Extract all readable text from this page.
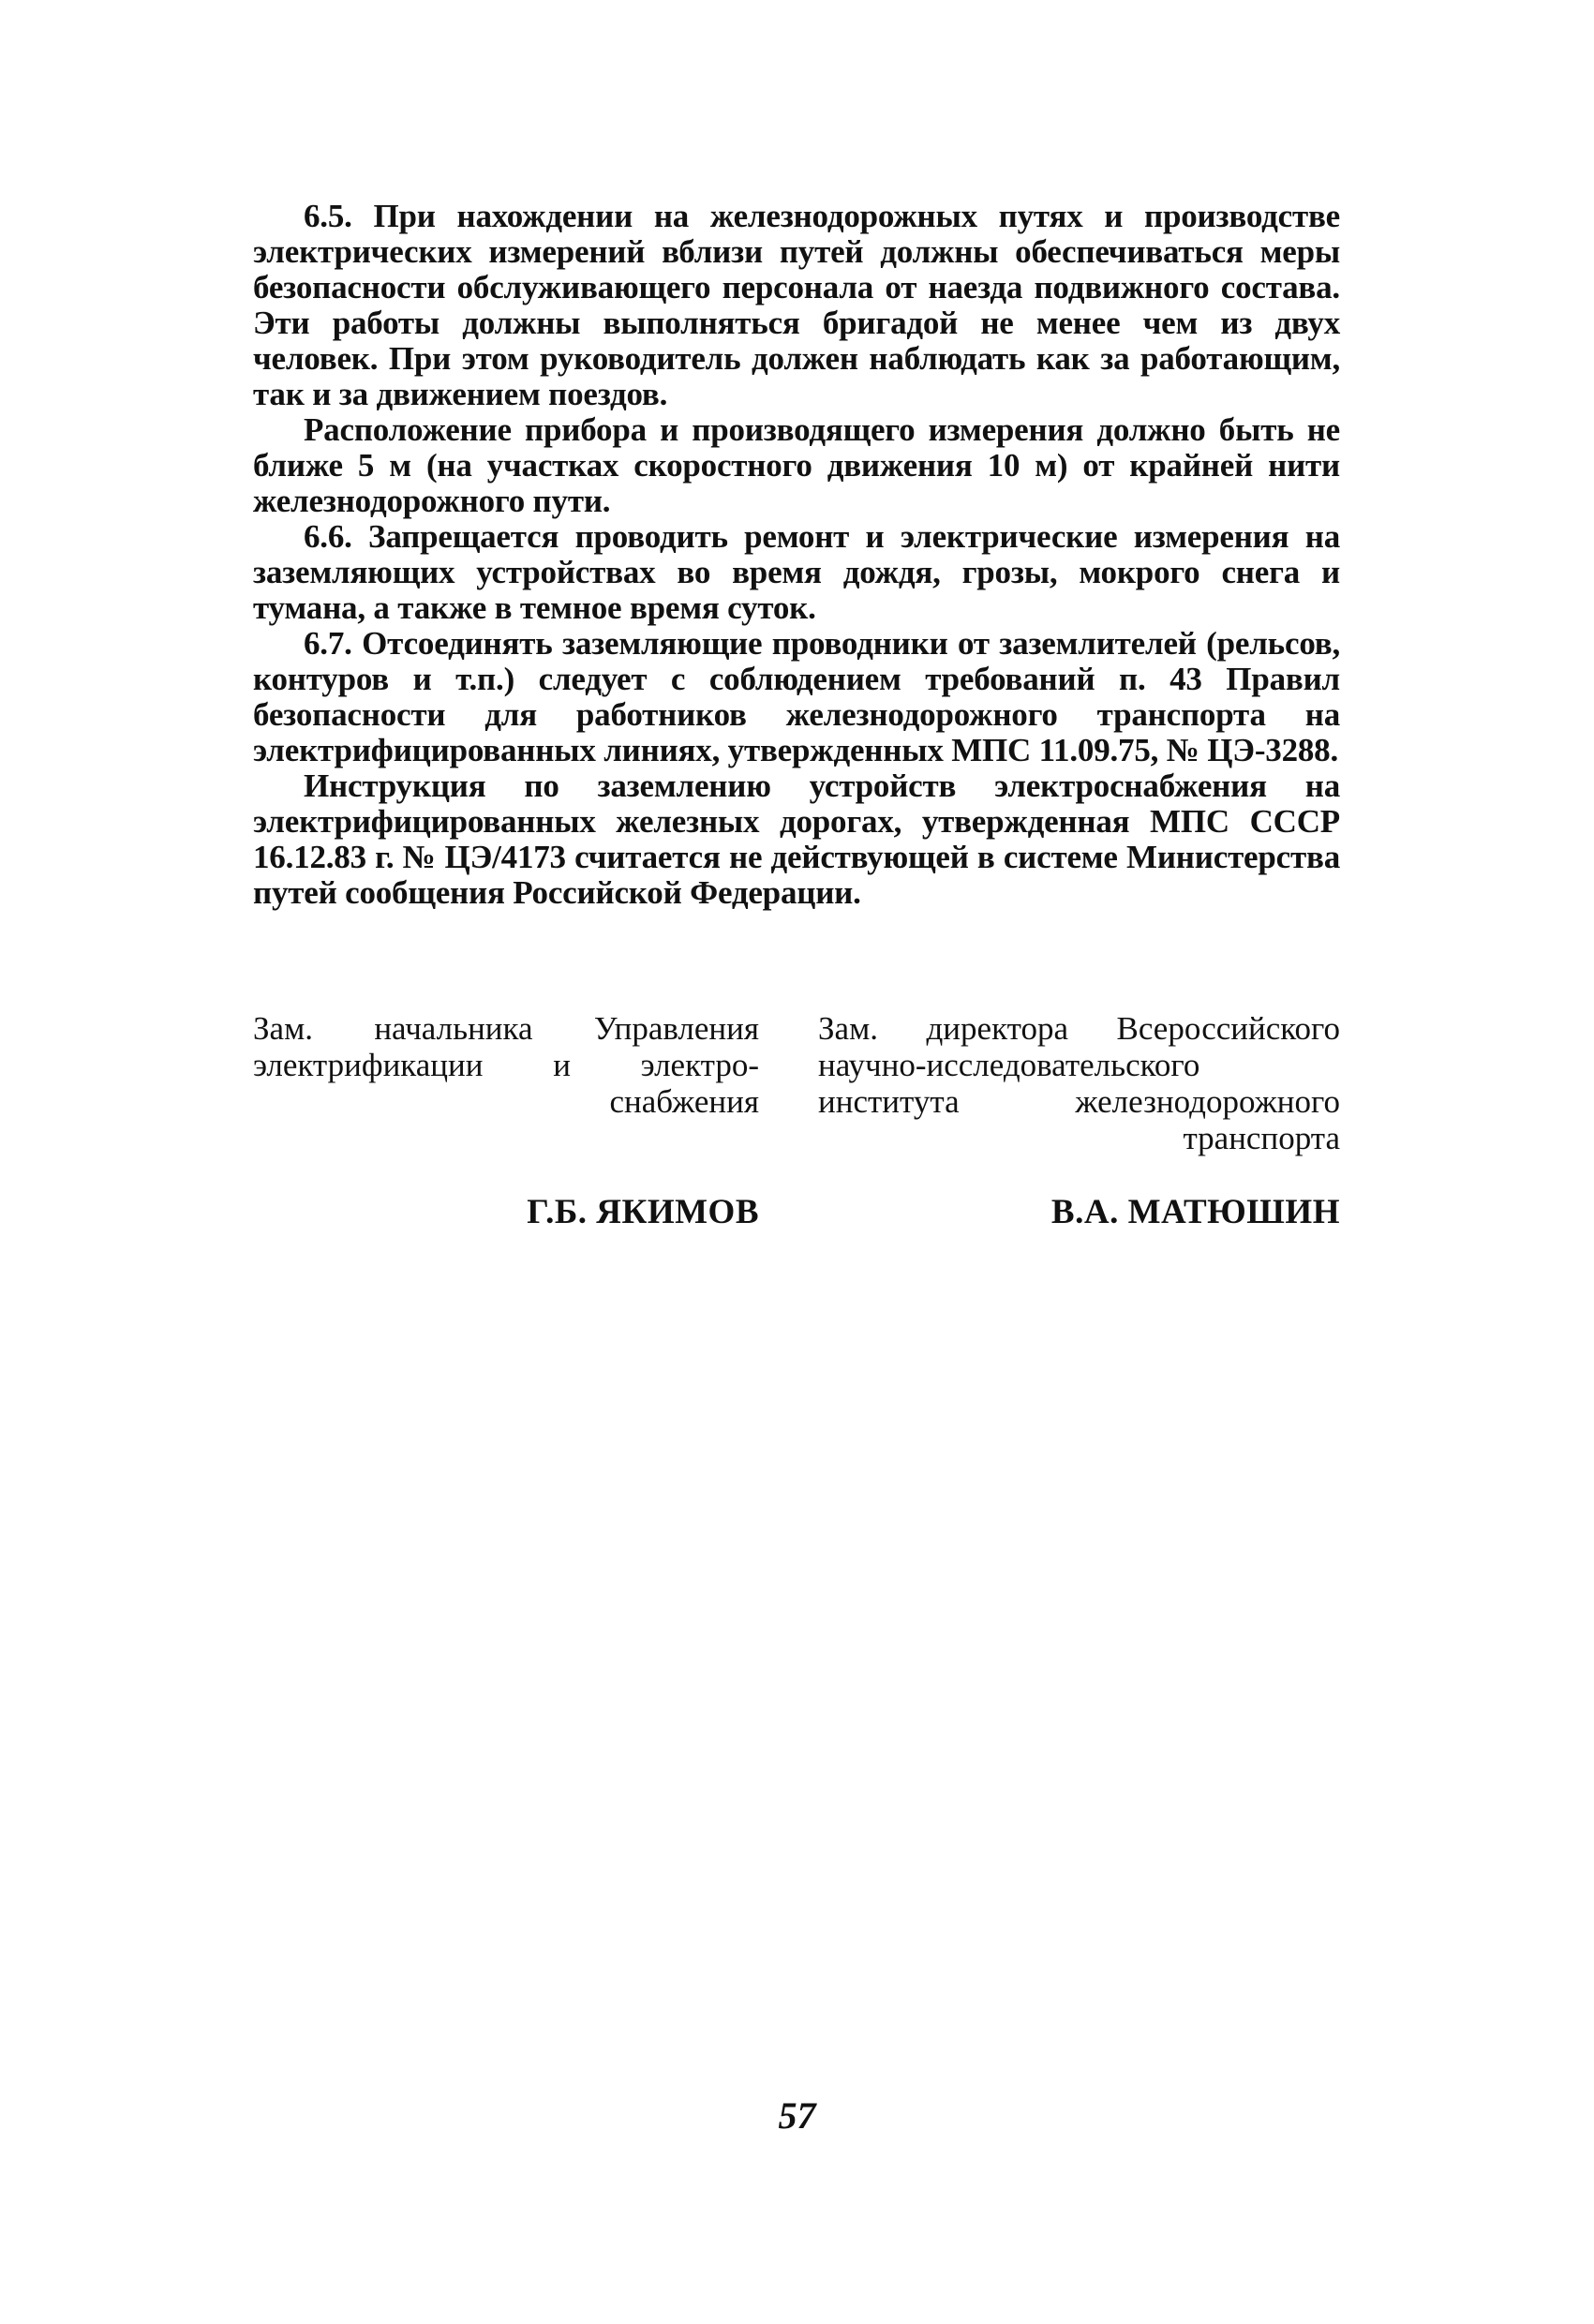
6.5. При нахождении на железнодорожных путях и производстве электрических измерений вблизи путей должны обеспечиваться меры безопасности обслуживающего персонала от наезда подвижного состава. Эти работы должны выполняться бригадой не менее чем из двух человек. При этом руководитель должен наблюдать как за работающим, так и за движением поездов.

Расположение прибора и производящего измерения должно быть не ближе 5 м (на участках скоростного движения 10 м) от крайней нити железнодорожного пути.

6.6. Запрещается проводить ремонт и электрические измерения на заземляющих устройствах во время дождя, грозы, мокрого снега и тумана, а также в темное время суток.

6.7. Отсоединять заземляющие проводники от заземлителей (рельсов, контуров и т.п.) следует с соблюдением требований п. 43 Правил безопасности для работников железнодорожного транспорта на электрифицированных линиях, утвержденных МПС 11.09.75, № ЦЭ-3288.

Инструкция по заземлению устройств электроснабжения на электрифицированных железных дорогах, утвержденная МПС СССР 16.12.83 г. № ЦЭ/4173 считается не действующей в системе Министерства путей сообщения Российской Федерации.

Зам. начальника Управления электрификации и электроснабжения

Г.Б. ЯКИМОВ

Зам. директора Всероссийского научно-исследовательского института железнодорожного транспорта

В.А. МАТЮШИН
57
